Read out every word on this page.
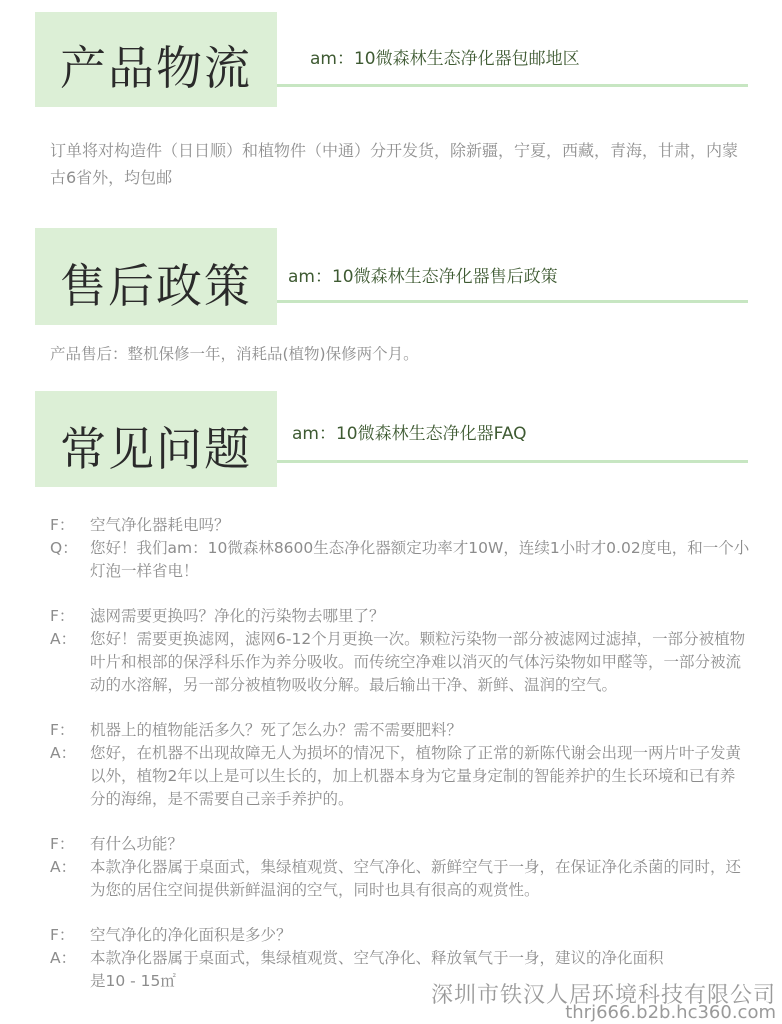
产品物流	am：10微森林生态净化器包邮地区
订单将对构造件（日日顺）和植物件（中通）分开发货，除新疆，宁夏，西藏，青海，甘肃，内蒙古6省外，均包邮
售后政策	am：10微森林生态净化器售后政策
产品售后：整机保修一年，消耗品(植物)保修两个月。
常见问题	am：10微森林生态净化器FAQ
F：	空气净化器耗电吗？
Q： 您好！我们am：10微森林8600生态净化器额定功率才10W，连续1小时才0.02度电，和一个小灯泡一样省电！
F：	滤网需要更换吗？净化的污染物去哪里了？
A： 您好！需要更换滤网，滤网6-12个月更换一次。颗粒污染物一部分被滤网过滤掉，一部分被植物叶片和根部的保浮科乐作为养分吸收。而传统空净难以消灭的气体污染物如甲醛等，一部分被流动的水溶解，另一部分被植物吸收分解。最后输出干净、新鲜、温润的空气。
F：	机器上的植物能活多久？死了怎么办？需不需要肥料？
A： 您好，在机器不出现故障无人为损坏的情况下，植物除了正常的新陈代谢会出现一两片叶子发黄以外，植物2年以上是可以生长的，加上机器本身为它量身定制的智能养护的生长环境和已有养分的海绵，是不需要自己亲手养护的。
F：	有什么功能？
A： 本款净化器属于桌面式，集绿植观赏、空气净化、新鲜空气于一身，在保证净化杀菌的同时，还为您的居住空间提供新鲜温润的空气，同时也具有很高的观赏性。
F：	空气净化的净化面积是多少？
A： 本款净化器属于桌面式，集绿植观赏、空气净化、释放氧气于一身，建议的净化面积是10 - 15㎡
深圳市铁汉人居环境科技有限公司
thrj666.b2b.hc360.com
